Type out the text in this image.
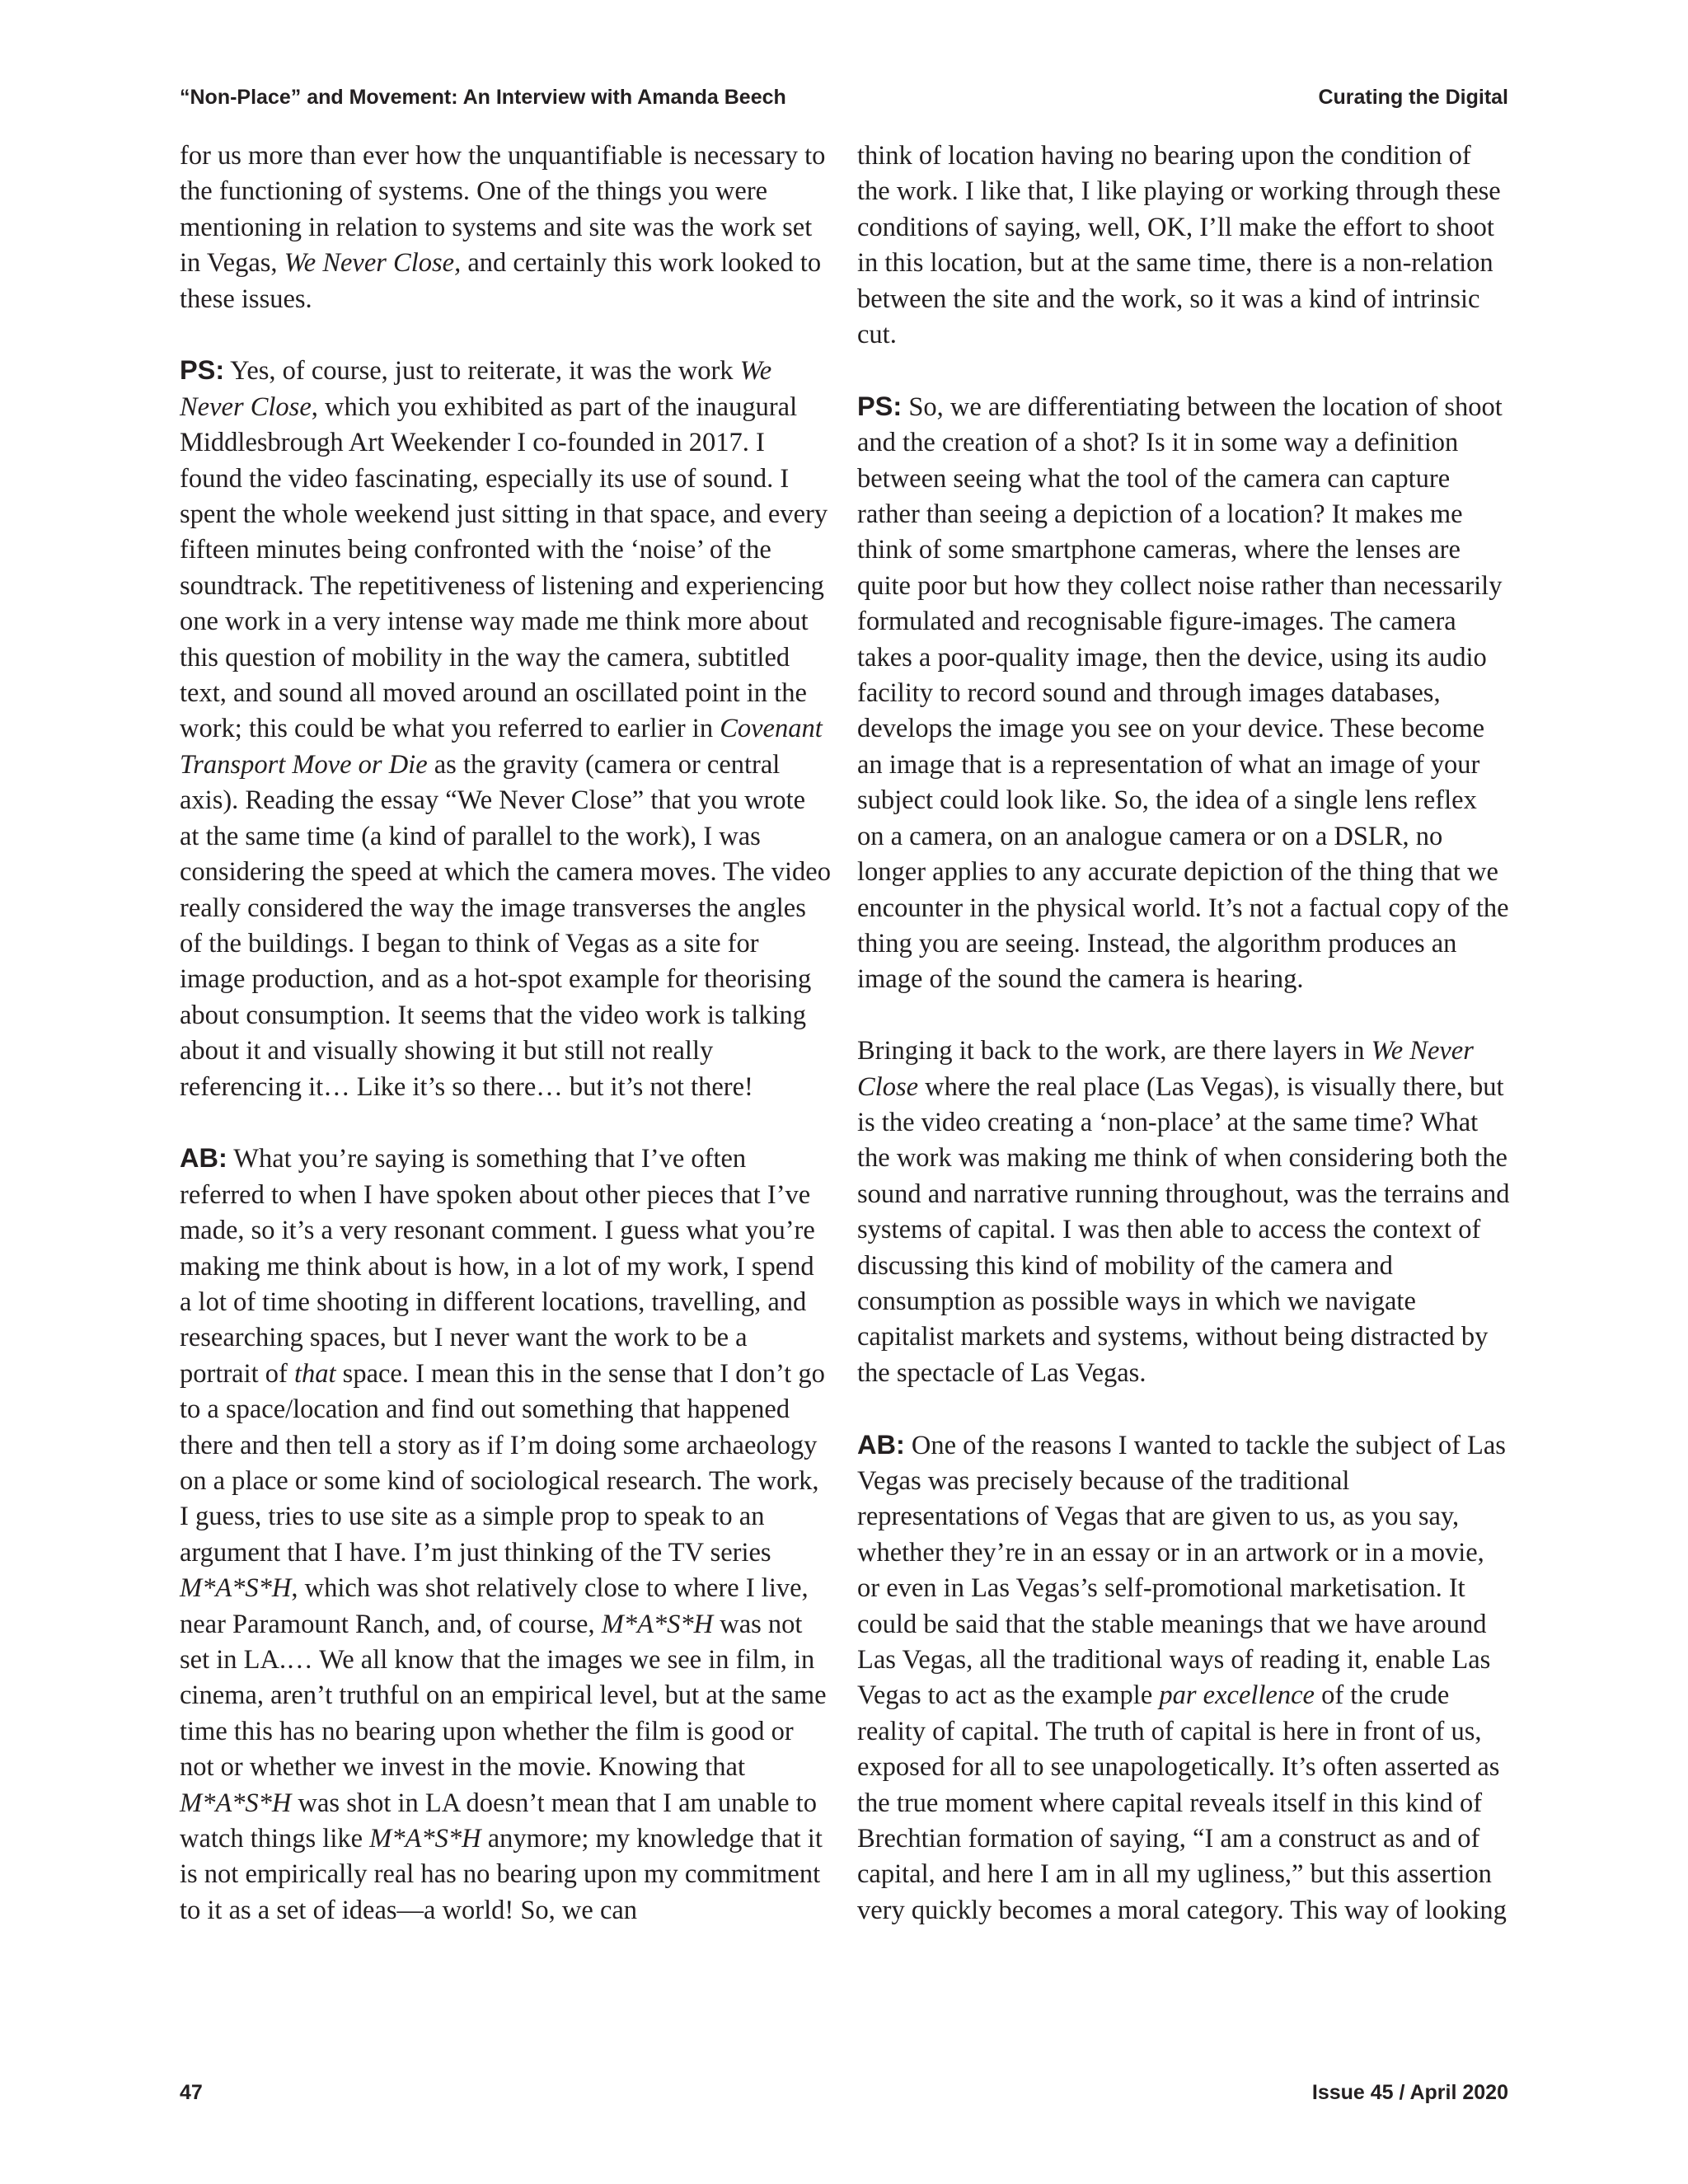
“Non-Place” and Movement: An Interview with Amanda Beech	Curating the Digital

for us more than ever how the unquantifiable is necessary to the functioning of systems. One of the things you were mentioning in relation to systems and site was the work set in Vegas, We Never Close, and certainly this work looked to these issues.

PS: Yes, of course, just to reiterate, it was the work We Never Close, which you exhibited as part of the inaugural Middlesbrough Art Weekender I co-founded in 2017. I found the video fascinating, especially its use of sound. I spent the whole weekend just sitting in that space, and every fifteen minutes being confronted with the ‘noise’ of the soundtrack. The repetitiveness of listening and experiencing one work in a very intense way made me think more about this question of mobility in the way the camera, subtitled text, and sound all moved around an oscillated point in the work; this could be what you referred to earlier in Covenant Transport Move or Die as the gravity (camera or central axis). Reading the essay “We Never Close” that you wrote at the same time (a kind of parallel to the work), I was considering the speed at which the camera moves. The video really considered the way the image transverses the angles of the buildings. I began to think of Vegas as a site for image production, and as a hot-spot example for theorising about consumption. It seems that the video work is talking about it and visually showing it but still not really referencing it… Like it’s so there… but it’s not there!

AB: What you’re saying is something that I’ve often referred to when I have spoken about other pieces that I’ve made, so it’s a very resonant comment. I guess what you’re making me think about is how, in a lot of my work, I spend a lot of time shooting in different locations, travelling, and researching spaces, but I never want the work to be a portrait of that space. I mean this in the sense that I don’t go to a space/location and find out something that happened there and then tell a story as if I’m doing some archaeology on a place or some kind of sociological research. The work, I guess, tries to use site as a simple prop to speak to an argument that I have. I’m just thinking of the TV series M*A*S*H, which was shot relatively close to where I live, near Paramount Ranch, and, of course, M*A*S*H was not set in LA.… We all know that the images we see in film, in cinema, aren’t truthful on an empirical level, but at the same time this has no bearing upon whether the film is good or not or whether we invest in the movie. Knowing that M*A*S*H was shot in LA doesn’t mean that I am unable to watch things like M*A*S*H anymore; my knowledge that it is not empirically real has no bearing upon my commitment to it as a set of ideas—a world! So, we can

think of location having no bearing upon the condition of the work. I like that, I like playing or working through these conditions of saying, well, OK, I’ll make the effort to shoot in this location, but at the same time, there is a non-relation between the site and the work, so it was a kind of intrinsic cut.

PS: So, we are differentiating between the location of shoot and the creation of a shot? Is it in some way a definition between seeing what the tool of the camera can capture rather than seeing a depiction of a location? It makes me think of some smartphone cameras, where the lenses are quite poor but how they collect noise rather than necessarily formulated and recognisable figure-images. The camera takes a poor-quality image, then the device, using its audio facility to record sound and through images databases, develops the image you see on your device. These become an image that is a representation of what an image of your subject could look like. So, the idea of a single lens reflex on a camera, on an analogue camera or on a DSLR, no longer applies to any accurate depiction of the thing that we encounter in the physical world. It’s not a factual copy of the thing you are seeing. Instead, the algorithm produces an image of the sound the camera is hearing.

Bringing it back to the work, are there layers in We Never Close where the real place (Las Vegas), is visually there, but is the video creating a ‘non-place’ at the same time? What the work was making me think of when considering both the sound and narrative running throughout, was the terrains and systems of capital. I was then able to access the context of discussing this kind of mobility of the camera and consumption as possible ways in which we navigate capitalist markets and systems, without being distracted by the spectacle of Las Vegas.

AB: One of the reasons I wanted to tackle the subject of Las Vegas was precisely because of the traditional representations of Vegas that are given to us, as you say, whether they’re in an essay or in an artwork or in a movie, or even in Las Vegas’s self-promotional marketisation. It could be said that the stable meanings that we have around Las Vegas, all the traditional ways of reading it, enable Las Vegas to act as the example par excellence of the crude reality of capital. The truth of capital is here in front of us, exposed for all to see unapologetically. It’s often asserted as the true moment where capital reveals itself in this kind of Brechtian formation of saying, “I am a construct as and of capital, and here I am in all my ugliness,” but this assertion very quickly becomes a moral category. This way of looking

47	Issue 45 / April 2020
